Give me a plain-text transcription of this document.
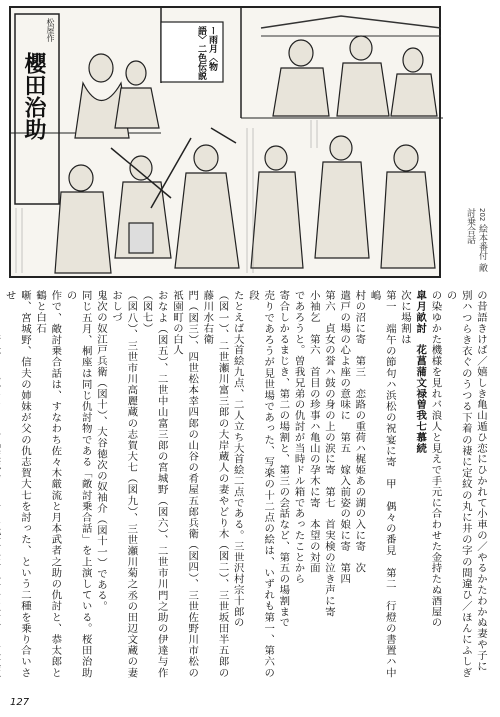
ー雨月〈物語〉二色伝説
松屋作
櫻田治助
202 絵本番付 敵討乗合話

の昔語きけば／嬉しき亀山遁ひ恋にひかれて小車の／やるかたわかぬ妻や子に

別ハつらき衣ぐのうつる下着の褄に定紋の丸に井の字の間違ひ／ほんにふしぎの

の染ゆかた機様を見れバ浪人と見えで手元に合わせた金持たぬ酒屋の

皐月畝討　花菖蒲文禄曽我七慕続

次に場割は

第一　端午の節句ハ浜松の祝宴に寄　甲　偶々の番見　第二　行燈の書置ハ中嶋

村の沼に寄　第三　恋路の重荷ハ梶姫あの湖の入に寄　次

遣戸の場の心よ座の意味に　第五　嫁入前姿の娘に寄　第四

第六　貞女の誉ハ鼓の身の上の涙に寄　第七　首実検の泣き声に寄

小袖乞　第六　首目の珍事ハ亀山の孕木に寄　本望の対面

であろうと。曽我兄弟の仇討が当時ドル箱であったことから

寄合しかるまじき、第二の場割と、第三の会話など、第五の場割まで

売りであろうが見世場であった、写楽の十二点の絵は、いずれも第一、第六の段

たとえば大首絵九点、二人立ち大首絵二点である。三世沢村宗十郎の

（図一）、二世瀬川富三郎の大岸蔵人の妻やどり木（図二）、三世坂田半五郎の藤川水右衛

門（図三）、四世松本幸四郎の山谷の肴屋五郎兵衛（図四）、三世佐野川市松の祇園町の白人

おなよ（図五）、二世中山富三郎の宮城野（図六）、二世市川門之助の伊達与作（図七）

（図八）、三世市川高麗蔵の志賀大七（図九）、三世瀬川菊之丞の田辺文蔵の妻おしづ

鬼次の奴江戸兵衛（図十）、大谷徳次の奴袖介（図十一）である。

同じ五月、桐座は同じ仇討物である「敵討乗合話」を上演している。桜田治助の

作で、敵討乗合話は、すなわち佐々木厳流と月本武者之助の仇討と、恭太郎と鶴と白石

噺、宮城野、信夫の姉妹が父の仇志賀大七を討った、という二種を乗り合いさせ

127
